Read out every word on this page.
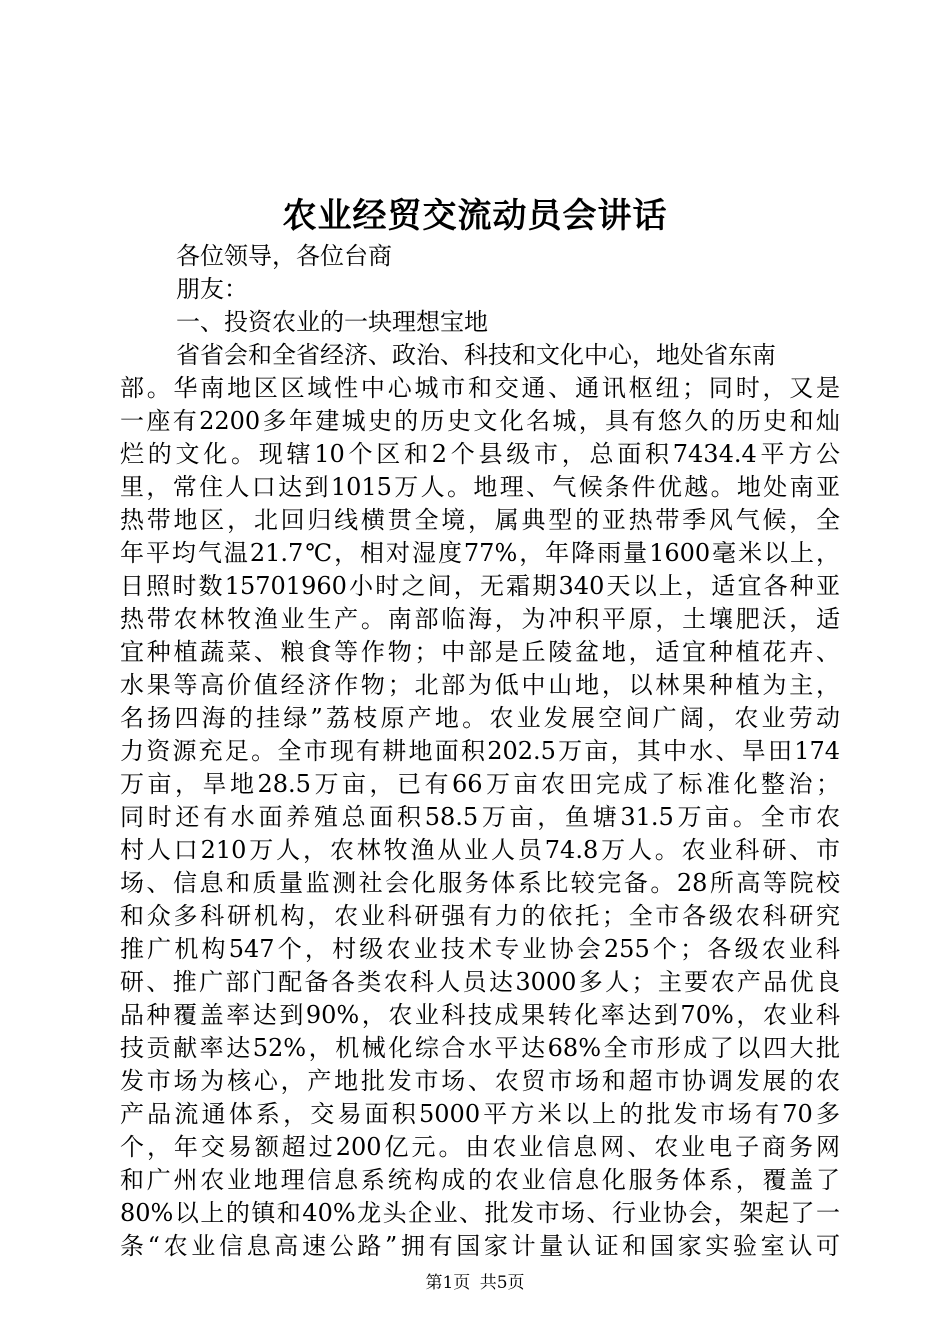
农业经贸交流动员会讲话
各位领导，各位台商
朋友：
一、投资农业的一块理想宝地
省省会和全省经济、政治、科技和文化中心，地处省东南
部。华南地区区域性中心城市和交通、通讯枢纽；同时，又是
一座有2200多年建城史的历史文化名城，具有悠久的历史和灿
烂的文化。现辖10个区和2个县级市，总面积7434.4平方公
里，常住人口达到1015万人。地理、气候条件优越。地处南亚
热带地区，北回归线横贯全境，属典型的亚热带季风气候，全
年平均气温21.7℃，相对湿度77%，年降雨量1600毫米以上，
日照时数15701960小时之间，无霜期340天以上，适宜各种亚
热带农林牧渔业生产。南部临海，为冲积平原，土壤肥沃，适
宜种植蔬菜、粮食等作物；中部是丘陵盆地，适宜种植花卉、
水果等高价值经济作物；北部为低中山地，以林果种植为主，
名扬四海的挂绿”荔枝原产地。农业发展空间广阔，农业劳动
力资源充足。全市现有耕地面积202.5万亩，其中水、旱田174
万亩，旱地28.5万亩，已有66万亩农田完成了标准化整治；
同时还有水面养殖总面积58.5万亩，鱼塘31.5万亩。全市农
村人口210万人，农林牧渔从业人员74.8万人。农业科研、市
场、信息和质量监测社会化服务体系比较完备。28所高等院校
和众多科研机构，农业科研强有力的依托；全市各级农科研究
推广机构547个，村级农业技术专业协会255个；各级农业科
研、推广部门配备各类农科人员达3000多人；主要农产品优良
品种覆盖率达到90%，农业科技成果转化率达到70%，农业科
技贡献率达52%，机械化综合水平达68%全市形成了以四大批
发市场为核心，产地批发市场、农贸市场和超市协调发展的农
产品流通体系，交易面积5000平方米以上的批发市场有70多
个，年交易额超过200亿元。由农业信息网、农业电子商务网
和广州农业地理信息系统构成的农业信息化服务体系，覆盖了
80%以上的镇和40%龙头企业、批发市场、行业协会，架起了一
条“农业信息高速公路”拥有国家计量认证和国家实验室认可
第1页 共5页
